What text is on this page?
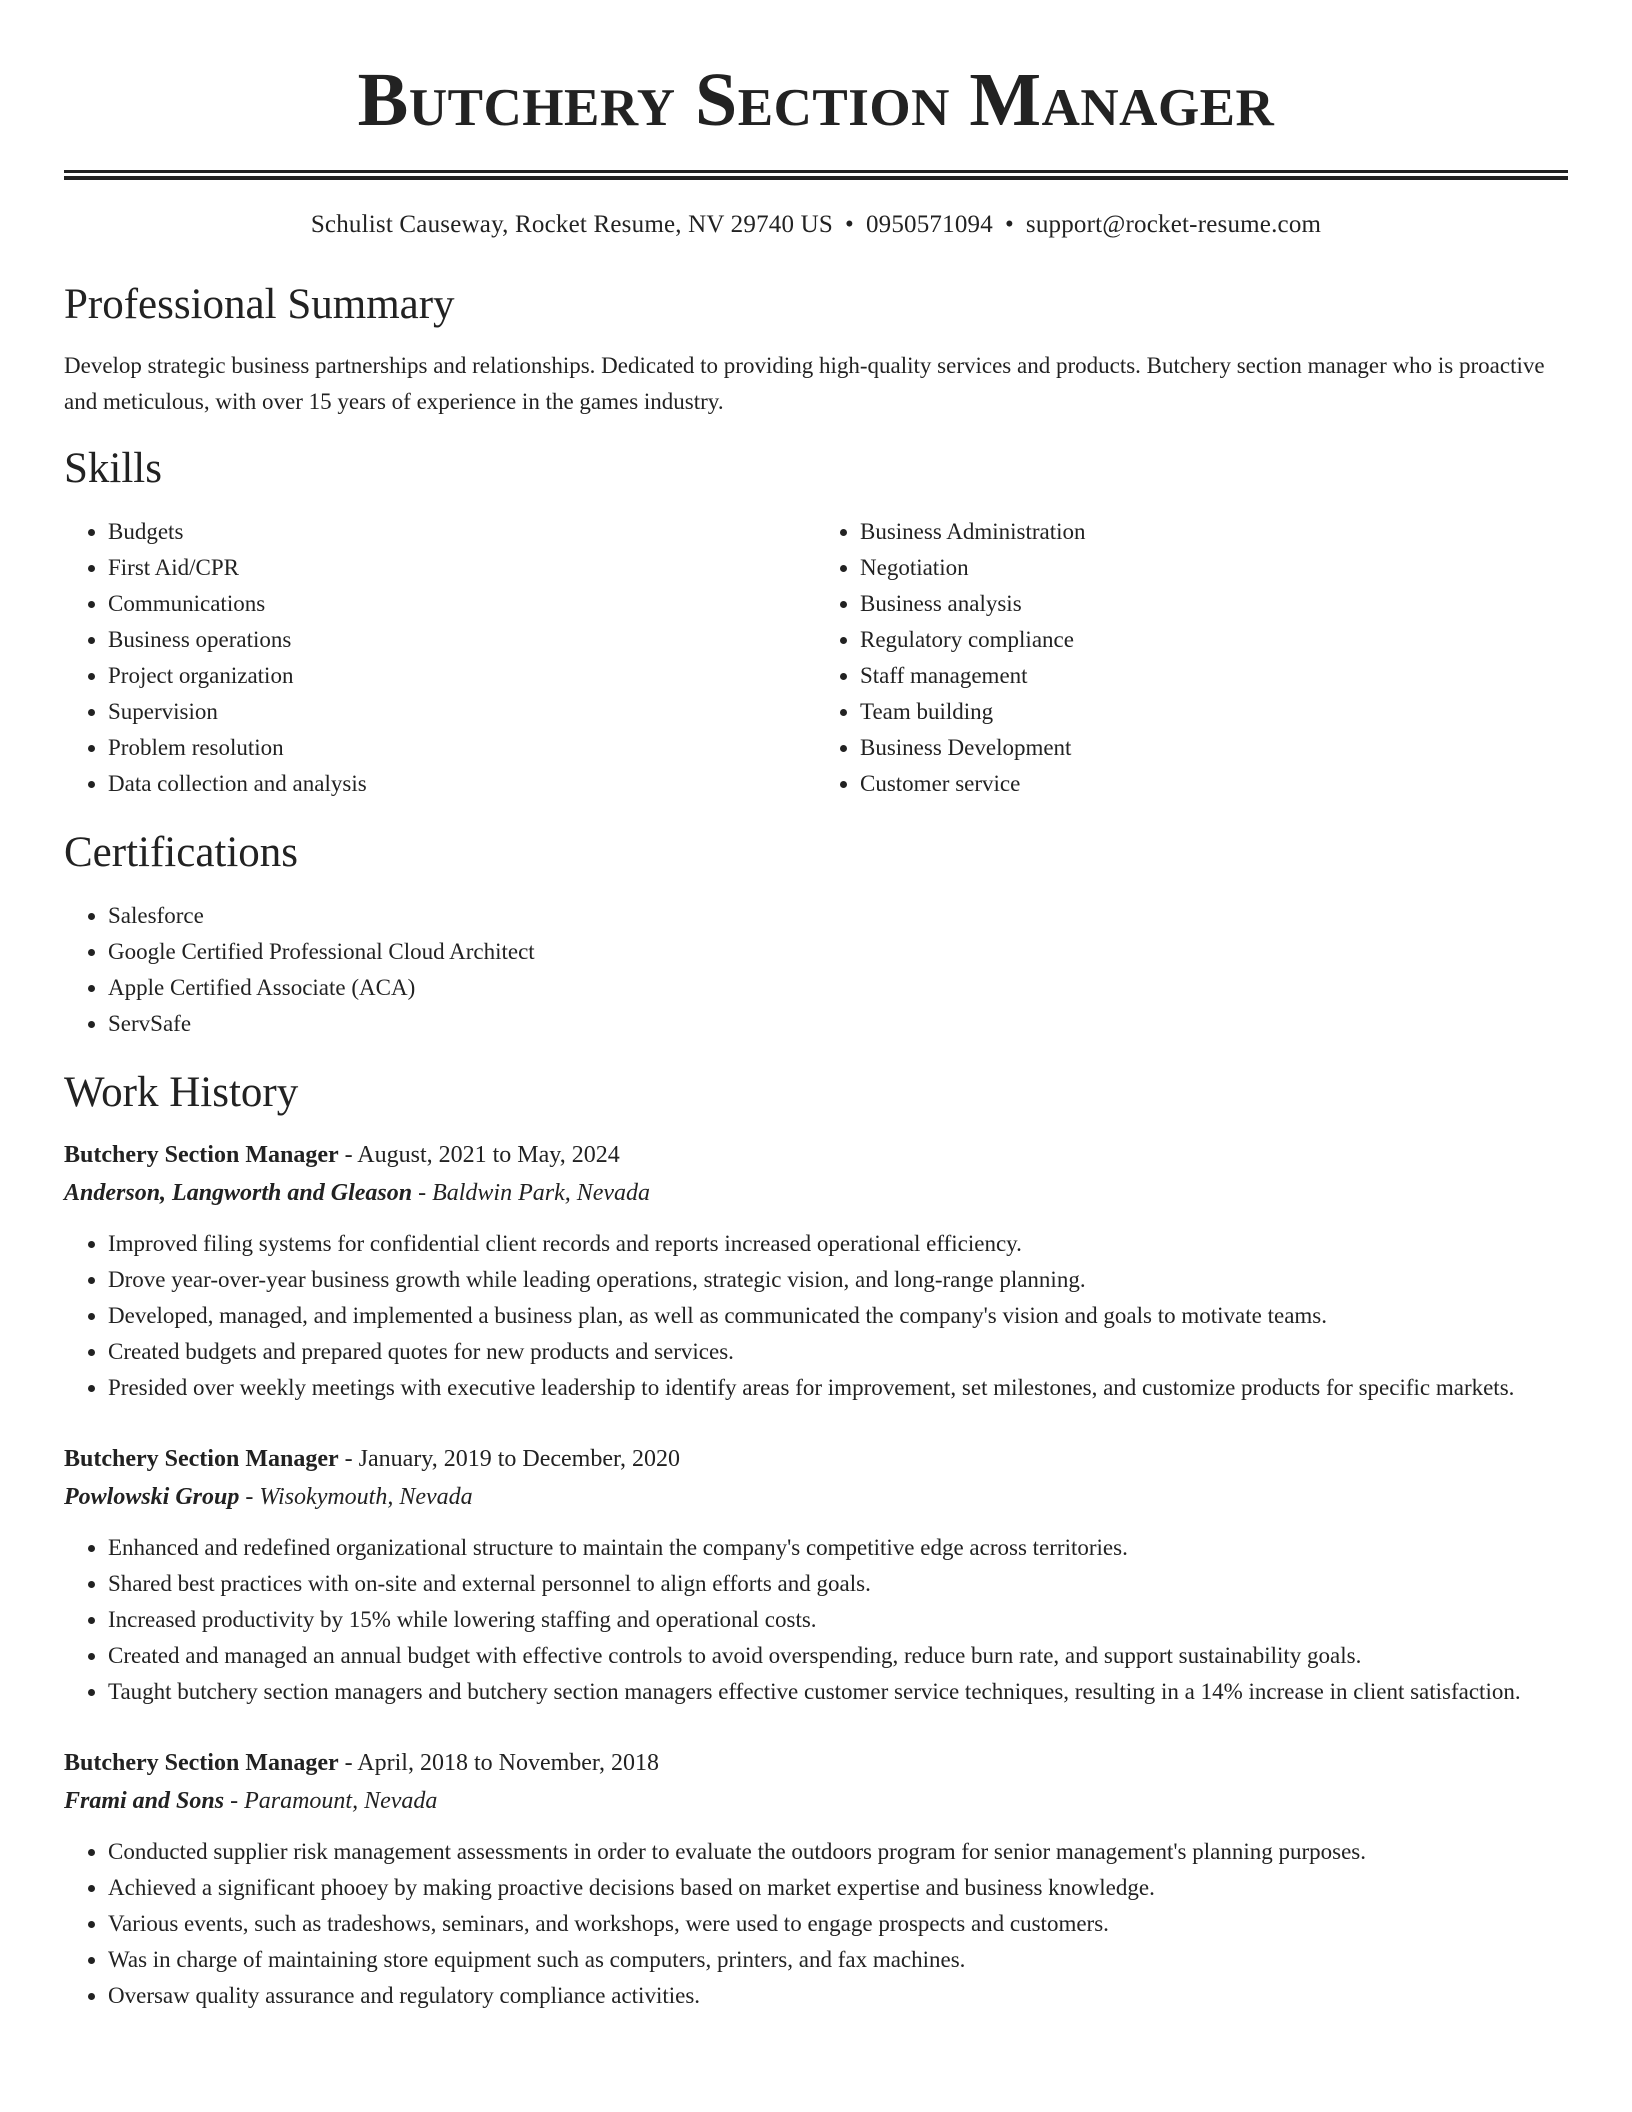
Butchery Section Manager
Schulist Causeway, Rocket Resume, NV 29740 US • 0950571094 • support@rocket-resume.com
Professional Summary

Develop strategic business partnerships and relationships. Dedicated to providing high-quality services and products. Butchery section manager who is proactive and meticulous, with over 15 years of experience in the games industry.

Skills
• Budgets
• First Aid/CPR
• Communications
• Business operations
• Project organization
• Supervision
• Problem resolution
• Data collection and analysis
• Business Administration
• Negotiation
• Business analysis
• Regulatory compliance
• Staff management
• Team building
• Business Development
• Customer service
Certifications
• Salesforce
• Google Certified Professional Cloud Architect
• Apple Certified Associate (ACA)
• ServSafe
Work History
Butchery Section Manager - August, 2021 to May, 2024
Anderson, Langworth and Gleason - Baldwin Park, Nevada
• Improved filing systems for confidential client records and reports increased operational efficiency.
• Drove year-over-year business growth while leading operations, strategic vision, and long-range planning.
• Developed, managed, and implemented a business plan, as well as communicated the company's vision and goals to motivate teams.
• Created budgets and prepared quotes for new products and services.
• Presided over weekly meetings with executive leadership to identify areas for improvement, set milestones, and customize products for specific markets.
Butchery Section Manager - January, 2019 to December, 2020
Powlowski Group - Wisokymouth, Nevada
• Enhanced and redefined organizational structure to maintain the company's competitive edge across territories.
• Shared best practices with on-site and external personnel to align efforts and goals.
• Increased productivity by 15% while lowering staffing and operational costs.
• Created and managed an annual budget with effective controls to avoid overspending, reduce burn rate, and support sustainability goals.
• Taught butchery section managers and butchery section managers effective customer service techniques, resulting in a 14% increase in client satisfaction.
Butchery Section Manager - April, 2018 to November, 2018
Frami and Sons - Paramount, Nevada
• Conducted supplier risk management assessments in order to evaluate the outdoors program for senior management's planning purposes.
• Achieved a significant phooey by making proactive decisions based on market expertise and business knowledge.
• Various events, such as tradeshows, seminars, and workshops, were used to engage prospects and customers.
• Was in charge of maintaining store equipment such as computers, printers, and fax machines.
• Oversaw quality assurance and regulatory compliance activities.
